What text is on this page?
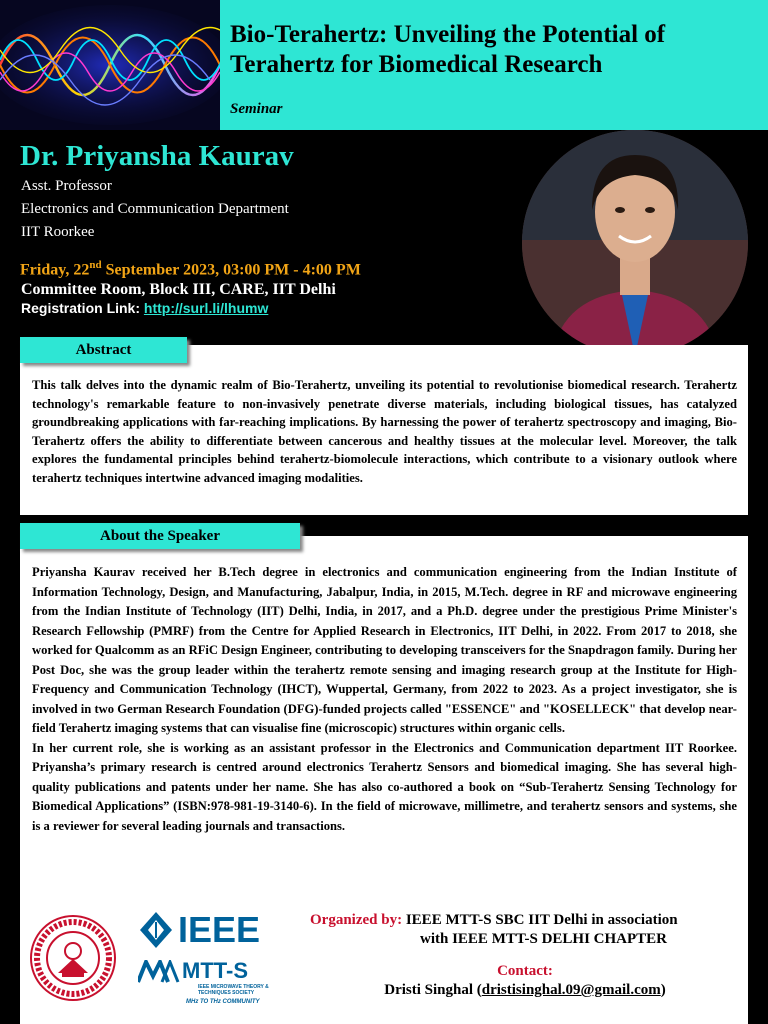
Bio-Terahertz: Unveiling the Potential of Terahertz for Biomedical Research
Seminar
Dr. Priyansha Kaurav
Asst. Professor
Electronics and Communication Department
IIT Roorkee
Friday, 22nd September 2023, 03:00 PM - 4:00 PM
Committee Room, Block III, CARE, IIT Delhi
Registration Link: http://surl.li/lhumw
Abstract

This talk delves into the dynamic realm of Bio-Terahertz, unveiling its potential to revolutionise biomedical research. Terahertz technology's remarkable feature to non-invasively penetrate diverse materials, including biological tissues, has catalyzed groundbreaking applications with far-reaching implications. By harnessing the power of terahertz spectroscopy and imaging, Bio-Terahertz offers the ability to differentiate between cancerous and healthy tissues at the molecular level. Moreover, the talk explores the fundamental principles behind terahertz-biomolecule interactions, which contribute to a visionary outlook where terahertz techniques intertwine advanced imaging modalities.

About the Speaker

Priyansha Kaurav received her B.Tech degree in electronics and communication engineering from the Indian Institute of Information Technology, Design, and Manufacturing, Jabalpur, India, in 2015, M.Tech. degree in RF and microwave engineering from the Indian Institute of Technology (IIT) Delhi, India, in 2017, and a Ph.D. degree under the prestigious Prime Minister's Research Fellowship (PMRF) from the Centre for Applied Research in Electronics, IIT Delhi, in 2022. From 2017 to 2018, she worked for Qualcomm as an RFiC Design Engineer, contributing to developing transceivers for the Snapdragon family. During her Post Doc, she was the group leader within the terahertz remote sensing and imaging research group at the Institute for High-Frequency and Communication Technology (IHCT), Wuppertal, Germany, from 2022 to 2023. As a project investigator, she is involved in two German Research Foundation (DFG)-funded projects called "ESSENCE" and "KOSELLECK" that develop near-field Terahertz imaging systems that can visualise fine (microscopic) structures within organic cells.

In her current role, she is working as an assistant professor in the Electronics and Communication department IIT Roorkee. Priyansha’s primary research is centred around electronics Terahertz Sensors and biomedical imaging. She has several high-quality publications and patents under her name. She has also co-authored a book on “Sub-Terahertz Sensing Technology for Biomedical Applications” (ISBN:978-981-19-3140-6). In the field of microwave, millimetre, and terahertz sensors and systems, she is a reviewer for several leading journals and transactions.

IEEE
MTT-S
IEEE MICROWAVE THEORY & TECHNIQUES SOCIETY
MHz TO THz COMMUNITY
Organized by: IEEE MTT-S SBC IIT Delhi in association
with IEEE MTT-S DELHI CHAPTER
Contact:
Dristi Singhal (dristisinghal.09@gmail.com)
